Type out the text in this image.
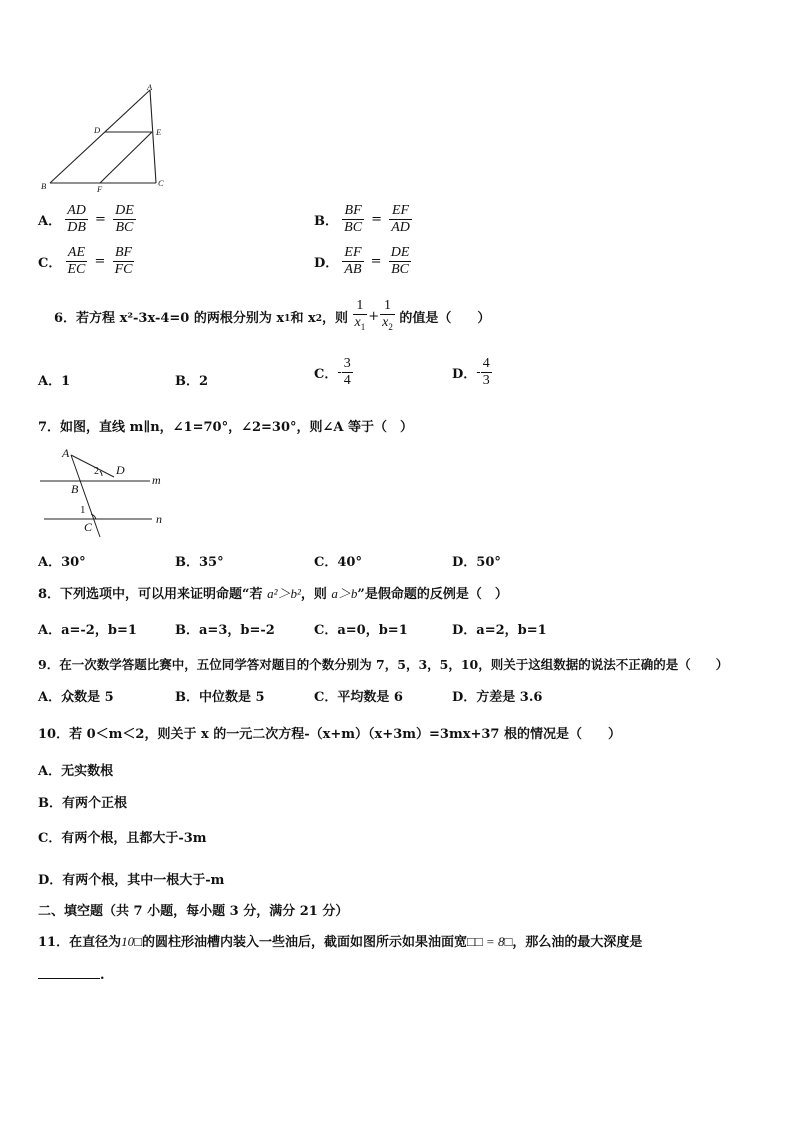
A
D	E
B	F
C
A． $\frac{AD}{DB} = \frac{DE}{BC}$	B． $\frac{BF}{BC} = \frac{EF}{AD}$
C． $\frac{AE}{EC} = \frac{BF}{FC}$	D． $\frac{EF}{AB} = \frac{DE}{BC}$
6．若方程 x²-3x-4=0 的两根分别为 $x_1$和 $x_2$，则 $\frac{1}{x_1} + \frac{1}{x_2}$ 的值是（　　）
A．1	B．2	C．- $\frac{3}{4}$	D．- $\frac{4}{3}$
7．如图，直线 m∥n，∠1=70°，∠2=30°，则∠A 等于（　）
A
D
2
m
B
1
n
C
A．30°	B．35°	C．40°	D．50°
8．下列选项中，可以用来证明命题“若 a²＞b²，则 a＞b”是假命题的反例是（　）
A．a=-2，b=1	B．a=3，b=-2	C．a=0，b=1	D．a=2，b=1
9．在一次数学答题比赛中，五位同学答对题目的个数分别为 7，5，3，5，10，则关于这组数据的说法不正确的是（　　）
A．众数是 5	B．中位数是 5	C．平均数是 6	D．方差是 3.6
10．若 0＜m＜2，则关于 x 的一元二次方程-（x+m）（x+3m）=3mx+37 根的情况是（　　）
A．无实数根
B．有两个正根
C．有两个根，且都大于-3m
D．有两个根，其中一根大于-m
二、填空题（共 7 小题，每小题 3 分，满分 21 分）
11．在直径为10□的圆柱形油槽内装入一些油后，截面如图所示如果油面宽□□ = 8□，那么油的最大深度是
.
